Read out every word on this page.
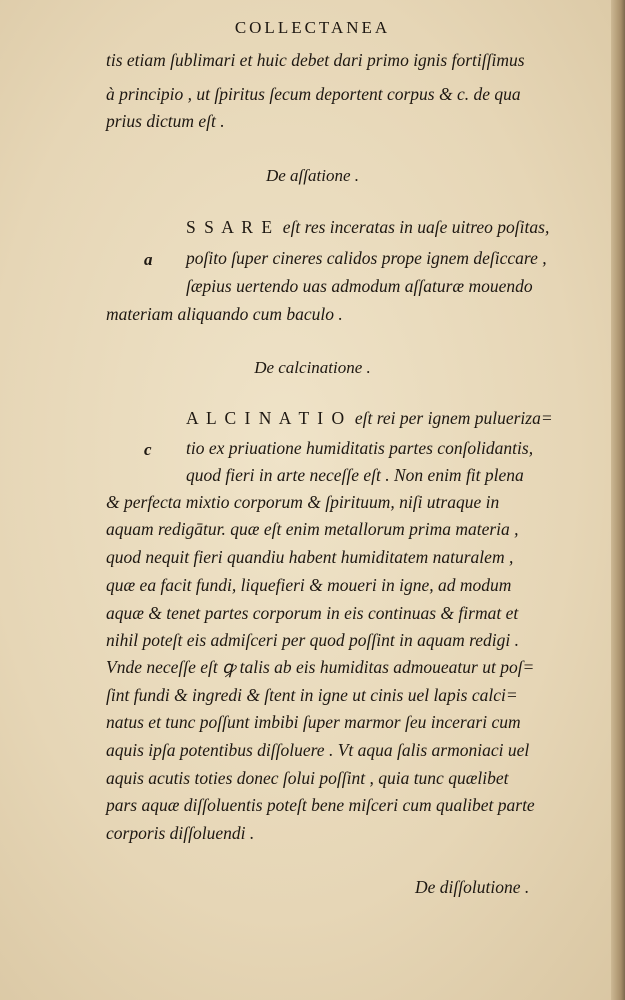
COLLECTANEA
tis etiam ſublimari et huic debet dari primo ignis fortiſſimus
à principio , ut ſpiritus ſecum deportent corpus & c. de qua
prius dictum eſt .
De aſſatione .
S S A R E eſt res inceratas in uaſe uitreo poſitas,
a poſito ſuper cineres calidos prope ignem deſiccare ,
ſæpius uertendo uas admodum aſſaturæ mouendo
materiam aliquando cum baculo .
De calcinatione .
A L C I N A T I O eſt rei per ignem pulueriza=
c tio ex priuatione humiditatis partes conſolidantis,
quod fieri in arte neceſſe eſt . Non enim fit plena
& perfecta mixtio corporum & ſpirituum, niſi utraque in
aquam redigātur. quæ eſt enim metallorum prima materia ,
quod nequit fieri quandiu habent humiditatem naturalem ,
quæ ea facit fundi, liquefieri & moueri in igne, ad modum
aquæ & tenet partes corporum in eis continuas & firmat et
nihil poteſt eis admiſceri per quod poſſint in aquam redigi .
Vnde neceſſe eſt ꝙ talis ab eis humiditas admoueatur ut poſ=
ſint fundi & ingredi & ſtent in igne ut cinis uel lapis calci=
natus et tunc poſſunt imbibi ſuper marmor ſeu incerari cum
aquis ipſa potentibus diſſoluere . Vt aqua ſalis armoniaci uel
aquis acutis toties donec ſolui poſſint , quia tunc quælibet
pars aquæ diſſoluentis poteſt bene miſceri cum qualibet parte
corporis diſſoluendi .
De diſſolutione .
